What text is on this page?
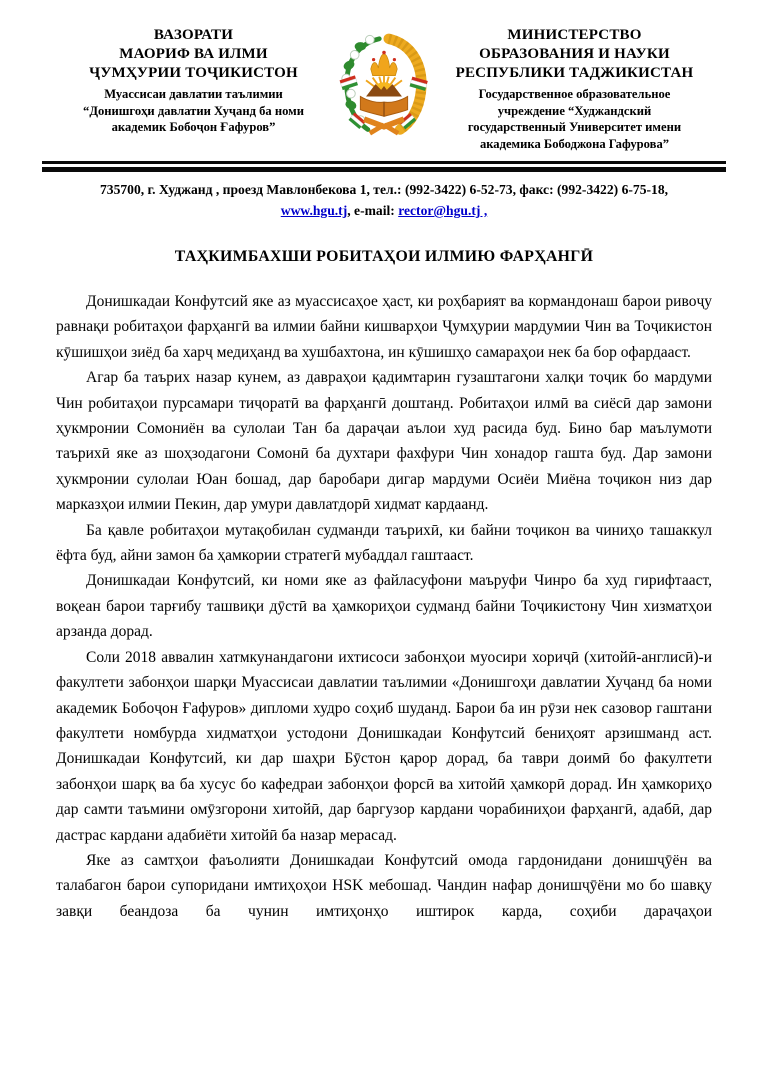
ВАЗОРАТИ
МАОРИФ ВА ИЛМИ
ҶУМҲУРИИ ТОҶИКИСТОН
Муассисаи давлатии таълимии
“Донишгоҳи давлатии Хуҷанд ба номи
академик Бобоҷон Ғафуров”
МИНИСТЕРСТВО
ОБРАЗОВАНИЯ И НАУКИ
РЕСПУБЛИКИ ТАДЖИКИСТАН
Государственное образовательное
учреждение “Худжандский
государственный Университет имени
академика Бободжона Гафурова”
735700, г. Худжанд , проезд Мавлонбекова 1, тел.: (992-3422) 6-52-73, факс: (992-3422) 6-75-18,
www.hgu.tj, e-mail: rector@hgu.tj ,
ТАҲКИМБАХШИ РОБИТАҲОИ ИЛМИЮ ФАРҲАНГӢ

Донишкадаи Конфутсий яке аз муассисаҳое ҳаст, ки роҳбарият ва кормандонаш барои ривоҷу равнақи робитаҳои фарҳангӣ ва илмии байни кишварҳои Ҷумҳурии мардумии Чин ва Тоҷикистон кӯшишҳои зиёд ба харҷ медиҳанд ва хушбахтона, ин кӯшишҳо самараҳои нек ба бор офардааст.

Агар ба таърих назар кунем, аз давраҳои қадимтарин гузаштагони халқи тоҷик бо мардуми Чин робитаҳои пурсамари тиҷоратӣ ва фарҳангӣ доштанд. Робитаҳои илмӣ ва сиёсӣ дар замони ҳукмронии Сомониён ва сулолаи Тан ба дараҷаи аълои худ расида буд. Бино бар маълумоти таърихӣ яке аз шоҳзодагони Сомонӣ ба духтари фахфури Чин хонадор гашта буд. Дар замони ҳукмронии сулолаи Юан бошад, дар баробари дигар мардуми Осиёи Миёна тоҷикон низ дар марказҳои илмии Пекин, дар умури давлатдорӣ хидмат кардаанд.

Ба қавле робитаҳои мутақобилан судманди таърихӣ, ки байни тоҷикон ва чиниҳо ташаккул ёфта буд, айни замон ба ҳамкории стратегӣ мубаддал гаштааст.

Донишкадаи Конфутсий, ки номи яке аз файласуфони маъруфи Чинро ба худ гирифтааст, воқеан барои тарғибу ташвиқи дӯстӣ ва ҳамкориҳои судманд байни Тоҷикистону Чин хизматҳои арзанда дорад.

Соли 2018 аввалин хатмкунандагони ихтисоси забонҳои муосири хориҷӣ (хитойӣ-англисӣ)-и факултети забонҳои шарқи Муассисаи давлатии таълимии «Донишгоҳи давлатии Хуҷанд ба номи академик Бобоҷон Ғафуров» дипломи худро соҳиб шуданд. Барои ба ин рӯзи нек сазовор гаштани факултети номбурда хидматҳои устодони Донишкадаи Конфутсий бениҳоят арзишманд аст. Донишкадаи Конфутсий, ки дар шаҳри Бӯстон қарор дорад, ба таври доимӣ бо факултети забонҳои шарқ ва ба хусус бо кафедраи забонҳои форсӣ ва хитойӣ ҳамкорӣ дорад. Ин ҳамкориҳо дар самти таъмини омӯзгорони хитойӣ, дар баргузор кардани чорабиниҳои фарҳангӣ, адабӣ, дар дастрас кардани адабиёти хитойӣ ба назар мерасад.

Яке аз самтҳои фаъолияти Донишкадаи Конфутсий омода гардонидани донишҷӯён ва талабагон барои супоридани имтиҳоҳои HSK мебошад. Чандин нафар донишҷӯёни мо бо шавқу завқи беандоза ба чунин имтиҳонҳо иштирок карда, соҳиби дараҷаҳои
